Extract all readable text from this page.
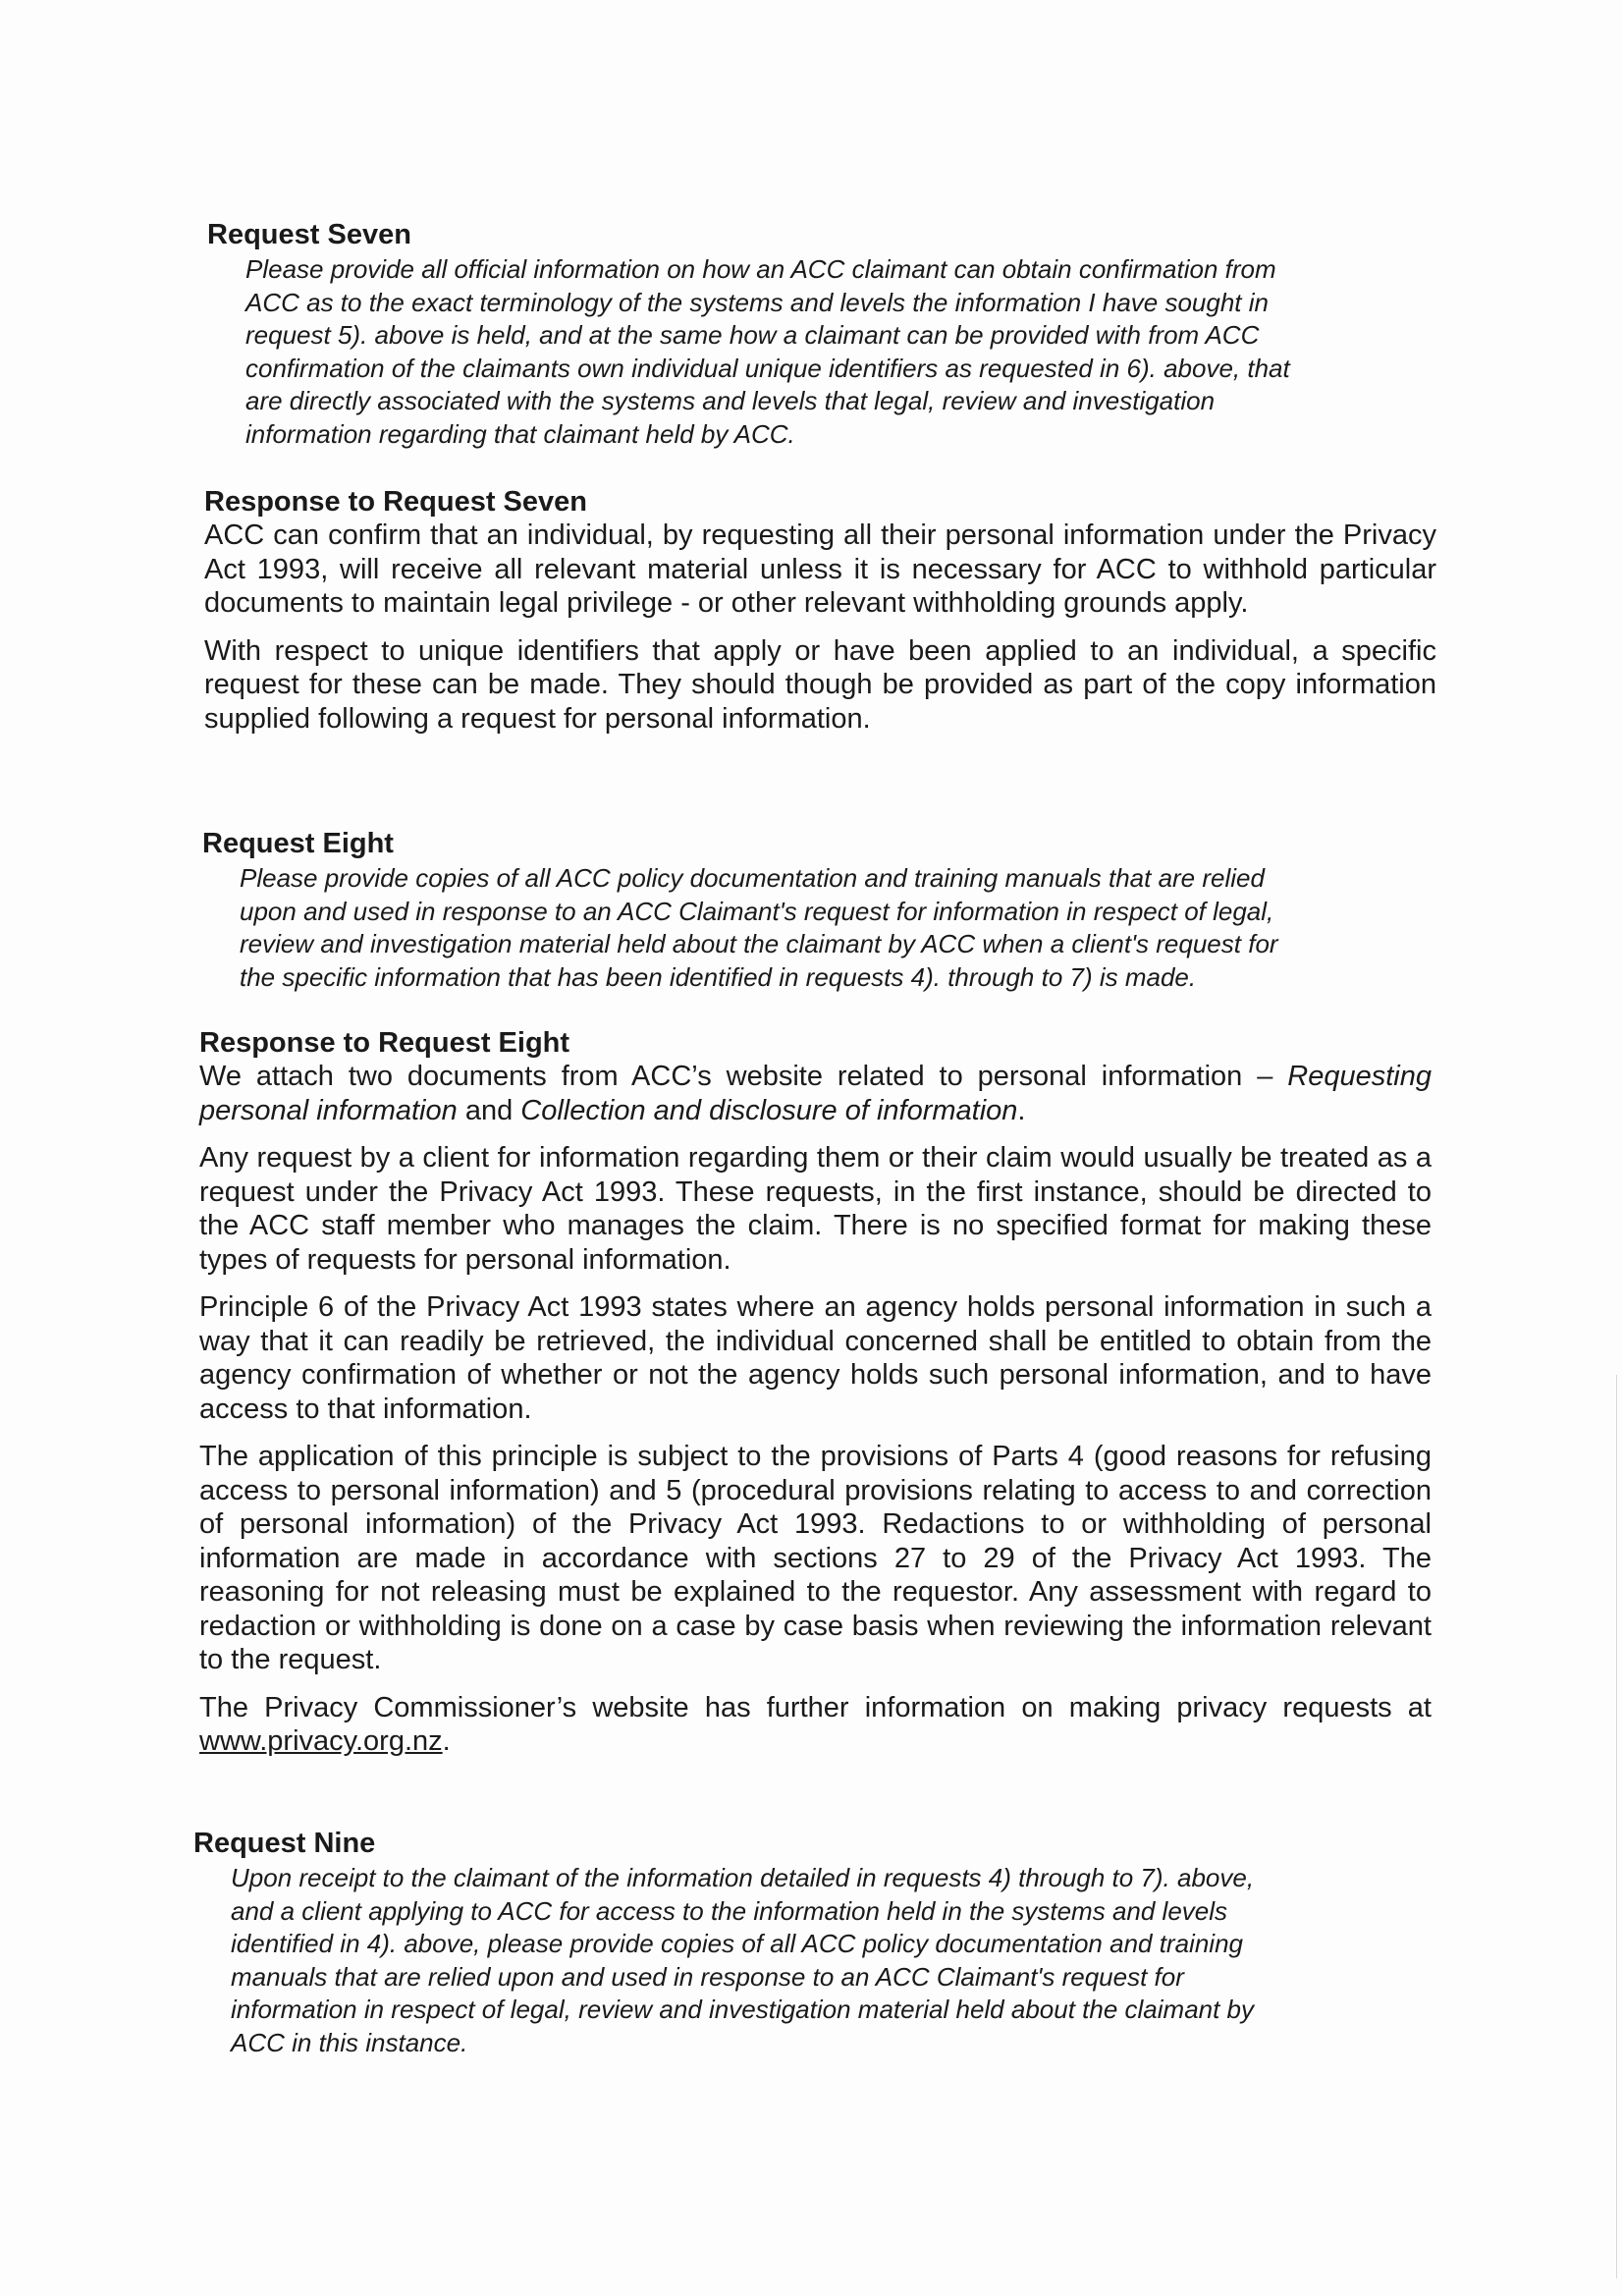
Request Seven
Please provide all official information on how an ACC claimant can obtain confirmation from
ACC as to the exact terminology of the systems and levels the information I have sought in
request 5). above is held, and at the same how a claimant can be provided with from ACC
confirmation of the claimants own individual unique identifiers as requested in 6). above, that
are directly associated with the systems and levels that legal, review and investigation
information regarding that claimant held by ACC.
Response to Request Seven

ACC can confirm that an individual, by requesting all their personal information under the Privacy Act 1993, will receive all relevant material unless it is necessary for ACC to withhold particular documents to maintain legal privilege - or other relevant withholding grounds apply.

With respect to unique identifiers that apply or have been applied to an individual, a specific request for these can be made. They should though be provided as part of the copy information supplied following a request for personal information.

Request Eight
Please provide copies of all ACC policy documentation and training manuals that are relied
upon and used in response to an ACC Claimant's request for information in respect of legal,
review and investigation material held about the claimant by ACC when a client's request for
the specific information that has been identified in requests 4). through to 7) is made.
Response to Request Eight

We attach two documents from ACC’s website related to personal information – Requesting personal information and Collection and disclosure of information.

Any request by a client for information regarding them or their claim would usually be treated as a request under the Privacy Act 1993. These requests, in the first instance, should be directed to the ACC staff member who manages the claim. There is no specified format for making these types of requests for personal information.

Principle 6 of the Privacy Act 1993 states where an agency holds personal information in such a way that it can readily be retrieved, the individual concerned shall be entitled to obtain from the agency confirmation of whether or not the agency holds such personal information, and to have access to that information.

The application of this principle is subject to the provisions of Parts 4 (good reasons for refusing access to personal information) and 5 (procedural provisions relating to access to and correction of personal information) of the Privacy Act 1993. Redactions to or withholding of personal information are made in accordance with sections 27 to 29 of the Privacy Act 1993. The reasoning for not releasing must be explained to the requestor. Any assessment with regard to redaction or withholding is done on a case by case basis when reviewing the information relevant to the request.

The Privacy Commissioner’s website has further information on making privacy requests at www.privacy.org.nz.

Request Nine
Upon receipt to the claimant of the information detailed in requests 4) through to 7). above,
and a client applying to ACC for access to the information held in the systems and levels
identified in 4). above, please provide copies of all ACC policy documentation and training
manuals that are relied upon and used in response to an ACC Claimant's request for
information in respect of legal, review and investigation material held about the claimant by
ACC in this instance.
